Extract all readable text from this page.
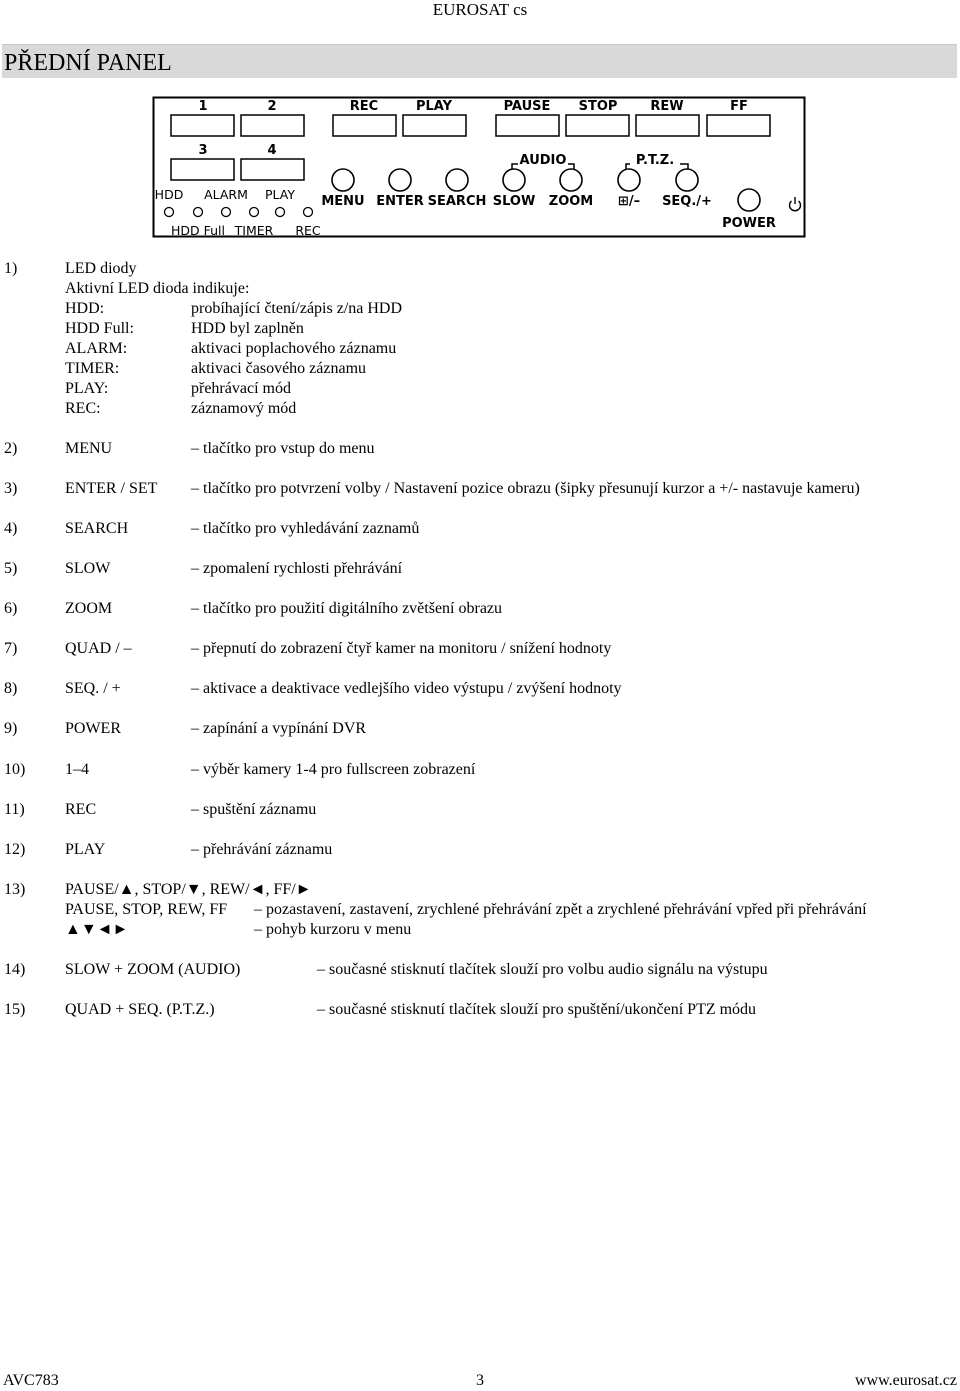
EUROSAT cs
PŘEDNÍ PANEL
1	2	REC	PLAY	PAUSE STOP	REW	FF
3	4
AUDIO	P.T.Z.
HDD ALARM PLAY
HDD Full TIMER REC
MENU ENTER SEARCH SLOW ZOOM ⊞/– SEQ./+
POWER
1)	LED diody
Aktivní LED dioda indikuje:
HDD:	probíhající čtení/zápis z/na HDD
HDD Full:	HDD byl zaplněn
ALARM:	aktivaci poplachového záznamu
TIMER:	aktivaci časového záznamu
PLAY:	přehrávací mód
REC:	záznamový mód
2)	MENU	– tlačítko pro vstup do menu
3)	ENTER / SET – tlačítko pro potvrzení volby / Nastavení pozice obrazu (šipky přesunují kurzor a +/- nastavuje kameru)
4)	SEARCH	– tlačítko pro vyhledávání zaznamů
5)	SLOW	– zpomalení rychlosti přehrávání
6)	ZOOM	– tlačítko pro použití digitálního zvětšení obrazu
7)	QUAD / –	– přepnutí do zobrazení čtyř kamer na monitoru / snížení hodnoty
8)	SEQ. / +	– aktivace a deaktivace vedlejšího video výstupu / zvýšení hodnoty
9)	POWER	– zapínání a vypínání DVR
10) 1–4	– výběr kamery 1-4 pro fullscreen zobrazení
11)	REC	– spuštění záznamu
12) PLAY	– přehrávání záznamu
13) PAUSE/▲, STOP/▼, REW/◄, FF/►
PAUSE, STOP, REW, FF – pozastavení, zastavení, zrychlené přehrávání zpět a zrychlené přehrávání vpřed při přehrávání
▲▼◄►	– pohyb kurzoru v menu
14) SLOW + ZOOM (AUDIO)	– současné stisknutí tlačítek slouží pro volbu audio signálu na výstupu
15) QUAD + SEQ. (P.T.Z.)	– současné stisknutí tlačítek slouží pro spuštění/ukončení PTZ módu
AVC783	3	www.eurosat.cz
